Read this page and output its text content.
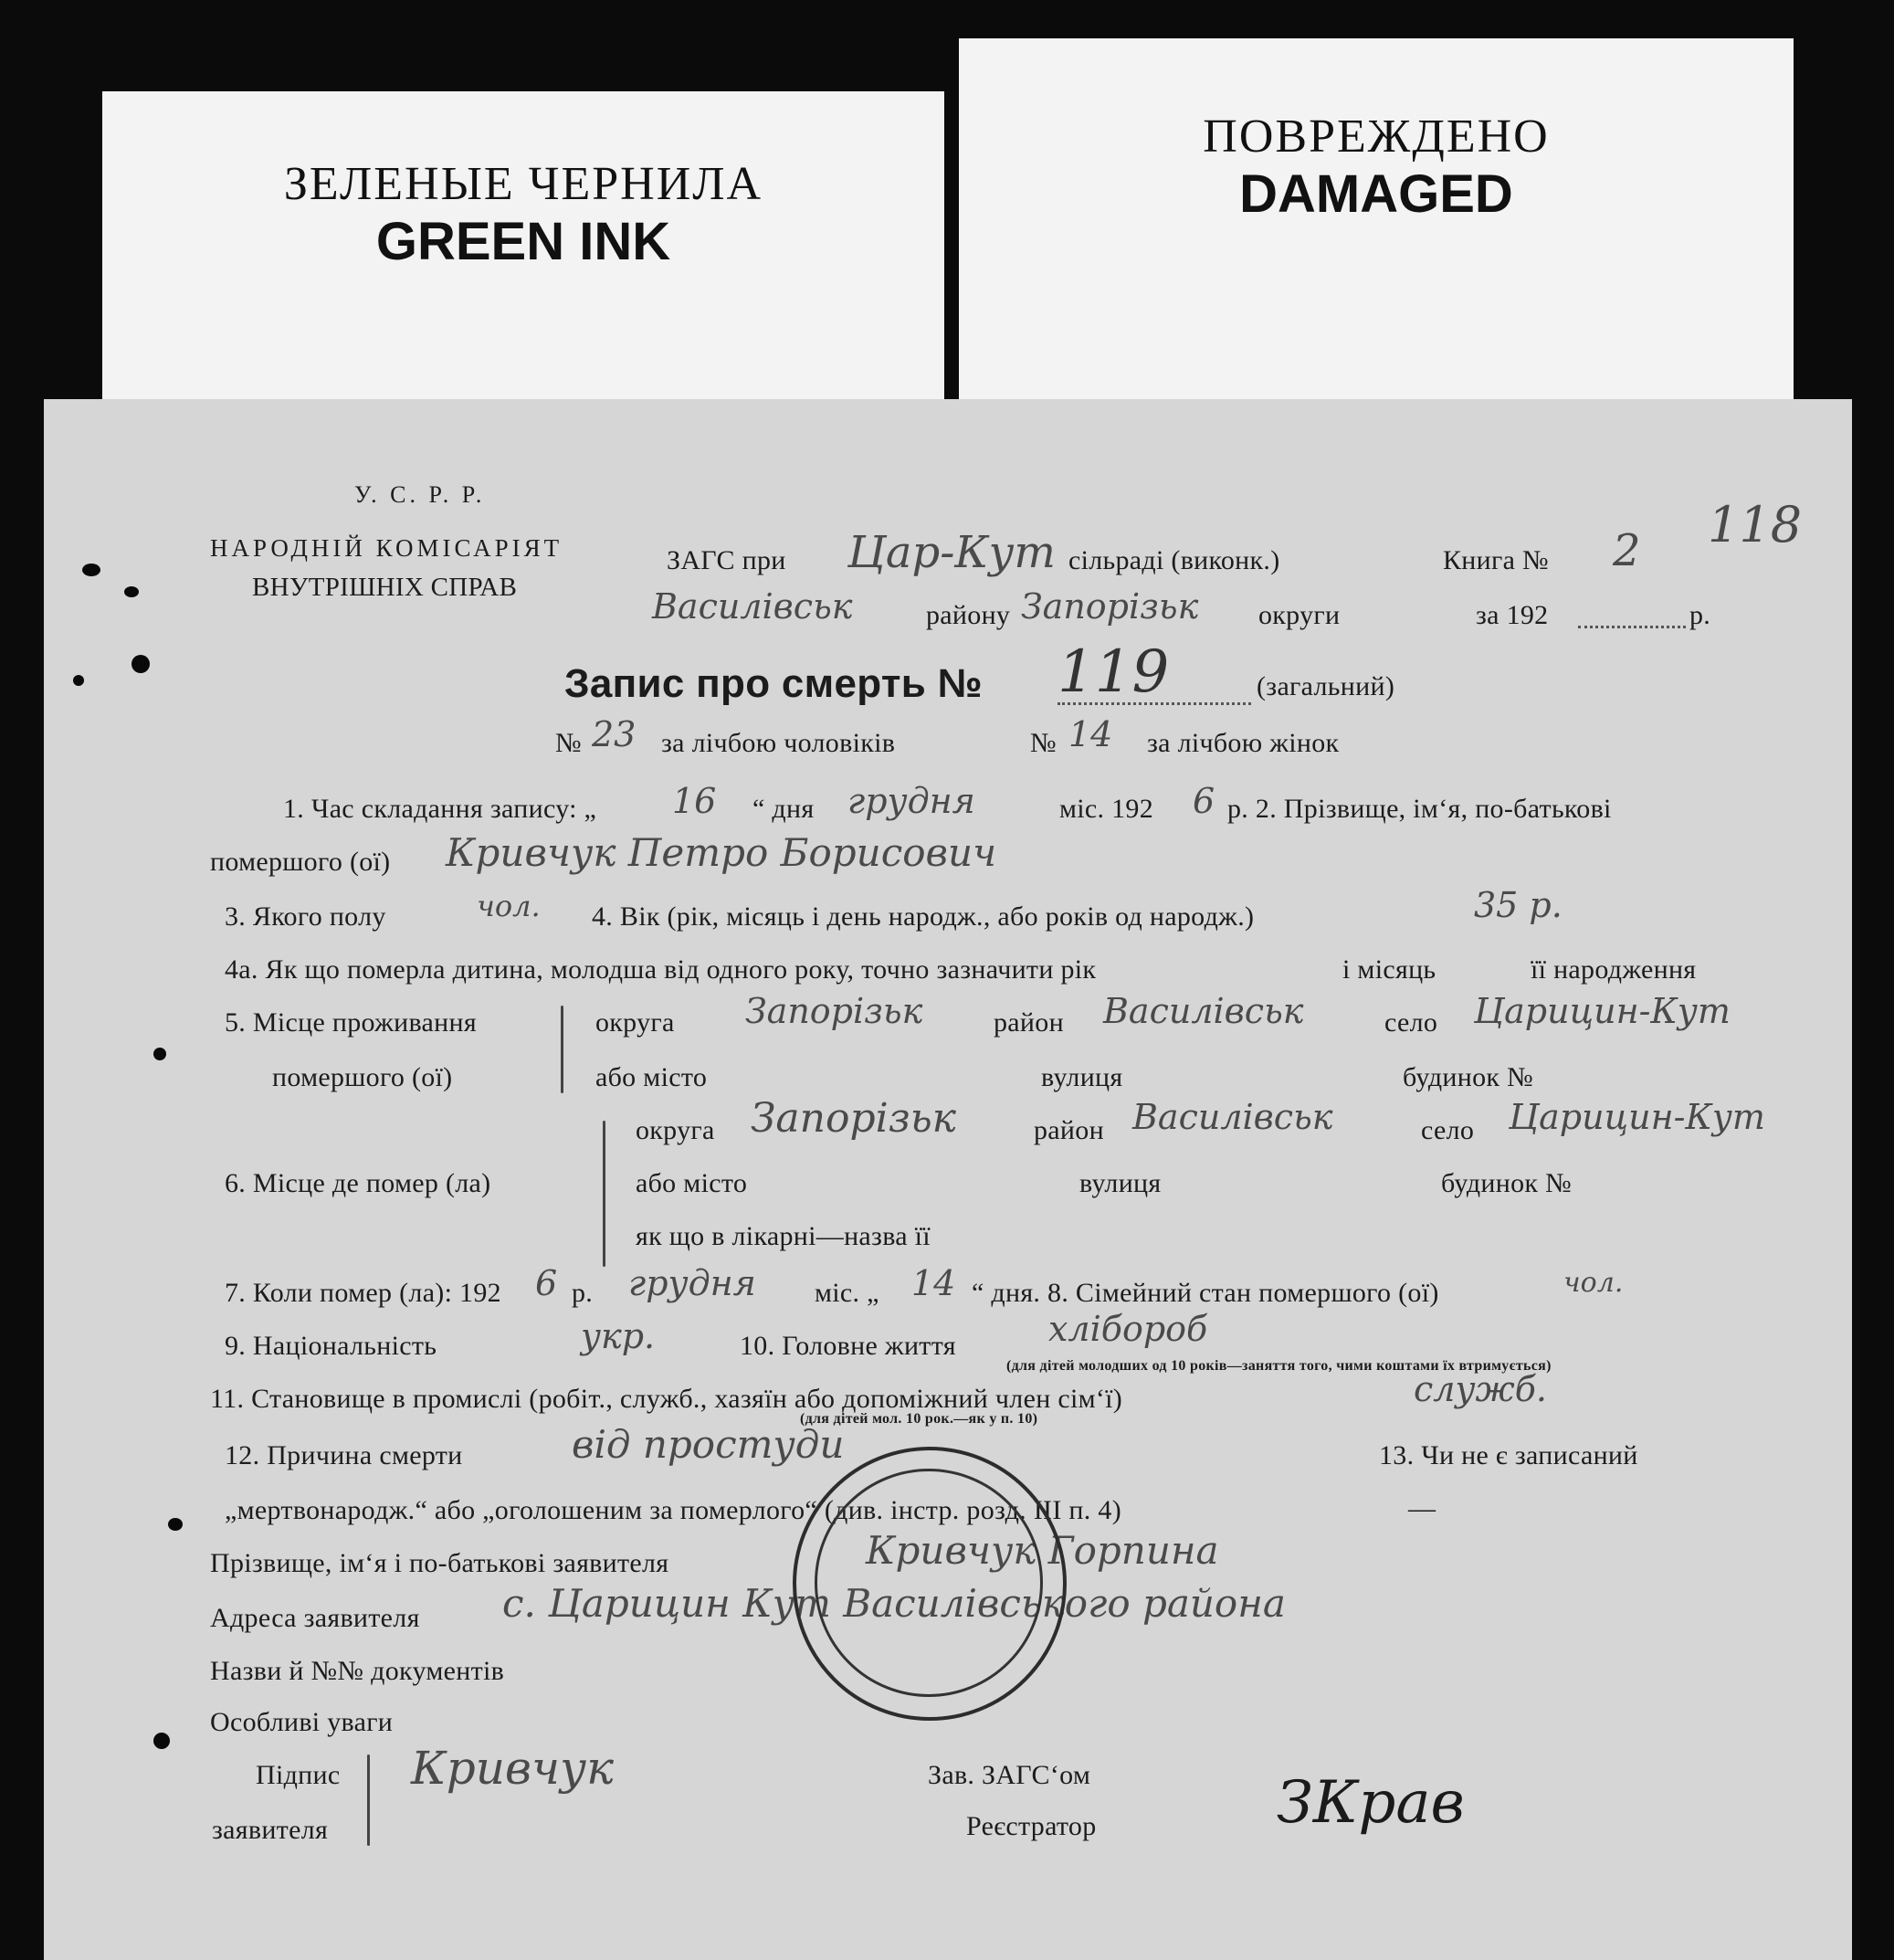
ЗЕЛЕНЫЕ ЧЕРНИЛА
GREEN INK
ПОВРЕЖДЕНО
DAMAGED
У. С. Р. Р.
НАРОДНІЙ КОМІСАРІЯТ
ВНУТРІШНІХ СПРАВ
ЗАГС при Цар-Кут сільраді (виконк.)	Книга № 2 118
Василівськ	району Запорізьк округи	за 192	р.
Запис про смерть № 119	(загальний)
№ 23 за лічбою чоловіків	№ 14 за лічбою жінок
1. Час складання запису: „ 16 “ дня грудня	міс. 192 6 р. 2. Прізвище, ім‘я, по-батькові
помершого (ої) Кривчук Петро Борисович
3. Якого полу	чол. 4. Вік (рік, місяць і день народж., або років од народж.)	35 р.
4а. Як що померла дитина, молодша від одного року, точно зазначити рік	і місяць	її народження
5. Місце проживання
помершого (ої)
округа Запорізьк	район Василівськ	село Царицин-Кут
або місто	вулиця	будинок №
округа Запорізьк	район Василівськ	село Царицин-Кут
6. Місце де помер (ла)	або місто	вулиця	будинок №
як що в лікарні—назва її
7. Коли помер (ла): 192 6 р. грудня міс. „ 14 “ дня. 8. Сімейний стан помершого (ої)	чол.
9. Національність	укр.	10. Головне життя	хлібороб
(для дітей молодших од 10 років—заняття того, чими коштами їх втримується)
11. Становище в промислі (робіт., служб., хазяїн або допоміжний член сім‘ї)	служб.
(для дітей мол. 10 рок.—як у п. 10)
12. Причина смерти	від простуди	13. Чи не є записаний
„мертвонародж.“ або „оголошеним за померлого“ (див. інстр. розд. III п. 4)	—
Прізвище, ім‘я і по-батькові заявителя	Кривчук Горпина
Адреса заявителя с. Царицин Кут Василівського района
Назви й №№ документів
Особливі уваги
Підпис
заявителя
Кривчук	Зав. ЗАГС‘ом
Реєстратор	ЗКрав
